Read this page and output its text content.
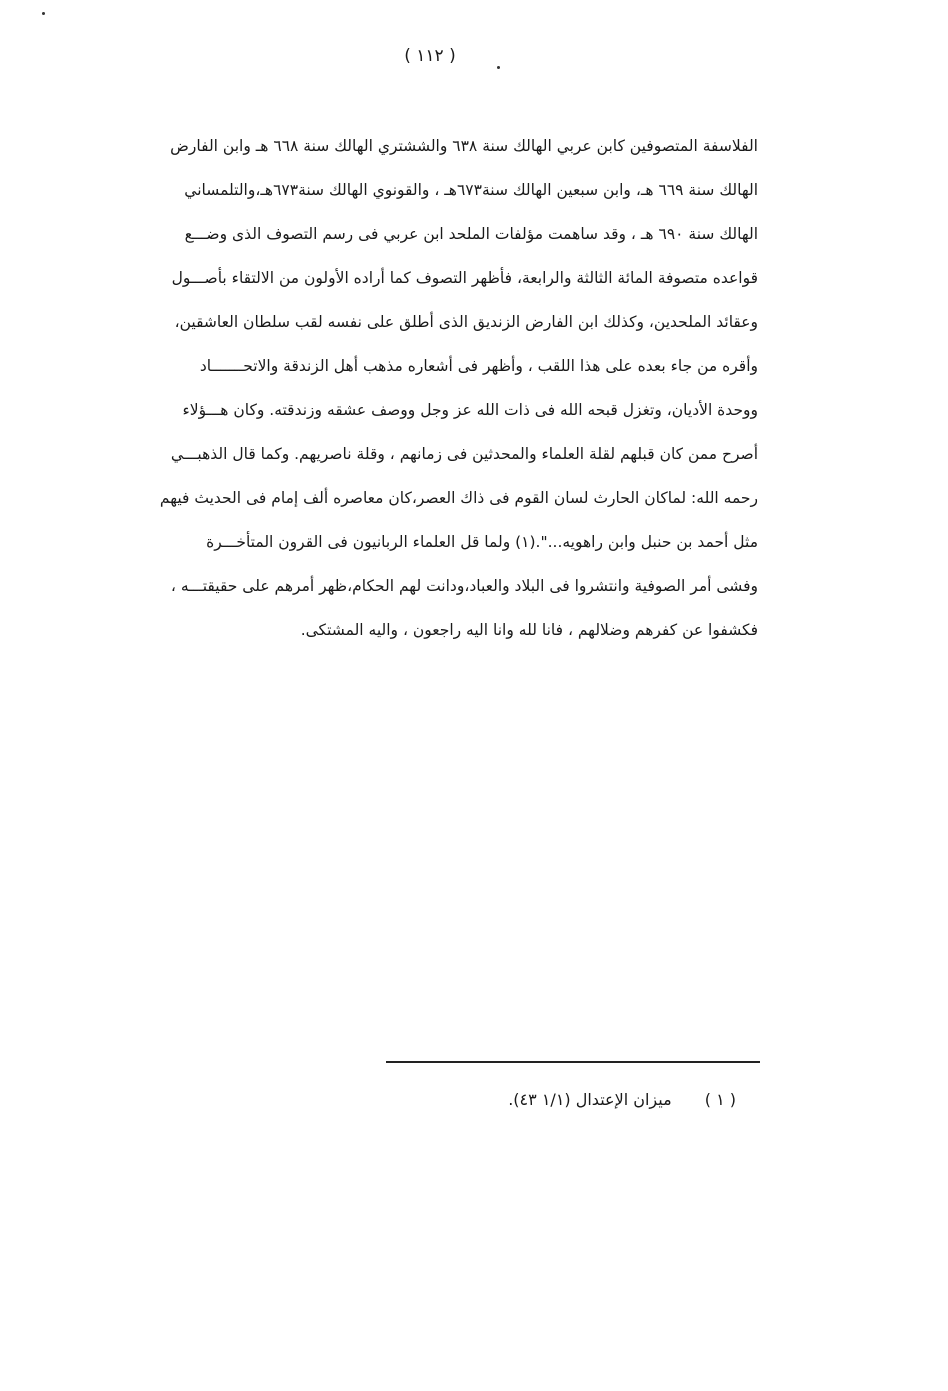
( ١١٢ )
الفلاسفة المتصوفين كابن عربي الهالك سنة ٦٣٨ والششتري الهالك سنة ٦٦٨ هـ وابن الفارض
الهالك سنة ٦٦٩ هـ، وابن سبعين الهالك سنة٦٧٣هـ ، والقونوي الهالك سنة٦٧٣هـ،والتلمساني
الهالك سنة ٦٩٠ هـ ، وقد ساهمت مؤلفات الملحد ابن عربي فى رسم التصوف الذى وضـــع
قواعده متصوفة المائة الثالثة والرابعة، فأظهر التصوف كما أراده الأولون من الالتقاء بأصـــول
وعقائد الملحدين، وكذلك ابن الفارض الزنديق الذى أطلق على نفسه لقب سلطان العاشقين،
وأقره من جاء بعده على هذا اللقب ، وأظهر فى أشعاره مذهب أهل الزندقة والاتحـــــــاد
ووحدة الأديان، وتغزل قبحه الله فى ذات الله عز وجل ووصف عشقه وزندقته. وكان هـــؤلاء
أصرح ممن كان قبلهم لقلة العلماء والمحدثين فى زمانهم ، وقلة ناصريهم. وكما قال الذهبـــي
رحمه الله: لماكان الحارث لسان القوم فى ذاك العصر،كان معاصره ألف إمام فى الحديث فيهم
مثل أحمد بن حنبل وابن راهويه...".(١) ولما قل العلماء الربانيون فى القرون المتأخـــرة
وفشى أمر الصوفية وانتشروا فى البلاد والعباد،ودانت لهم الحكام،ظهر أمرهم على حقيقتـــه ،
فكشفوا عن كفرهم وضلالهم ، فانا لله وانا اليه راجعون ، واليه المشتكى.
( ١ ) ميزان الإعتدال (١/١ ٤٣).
